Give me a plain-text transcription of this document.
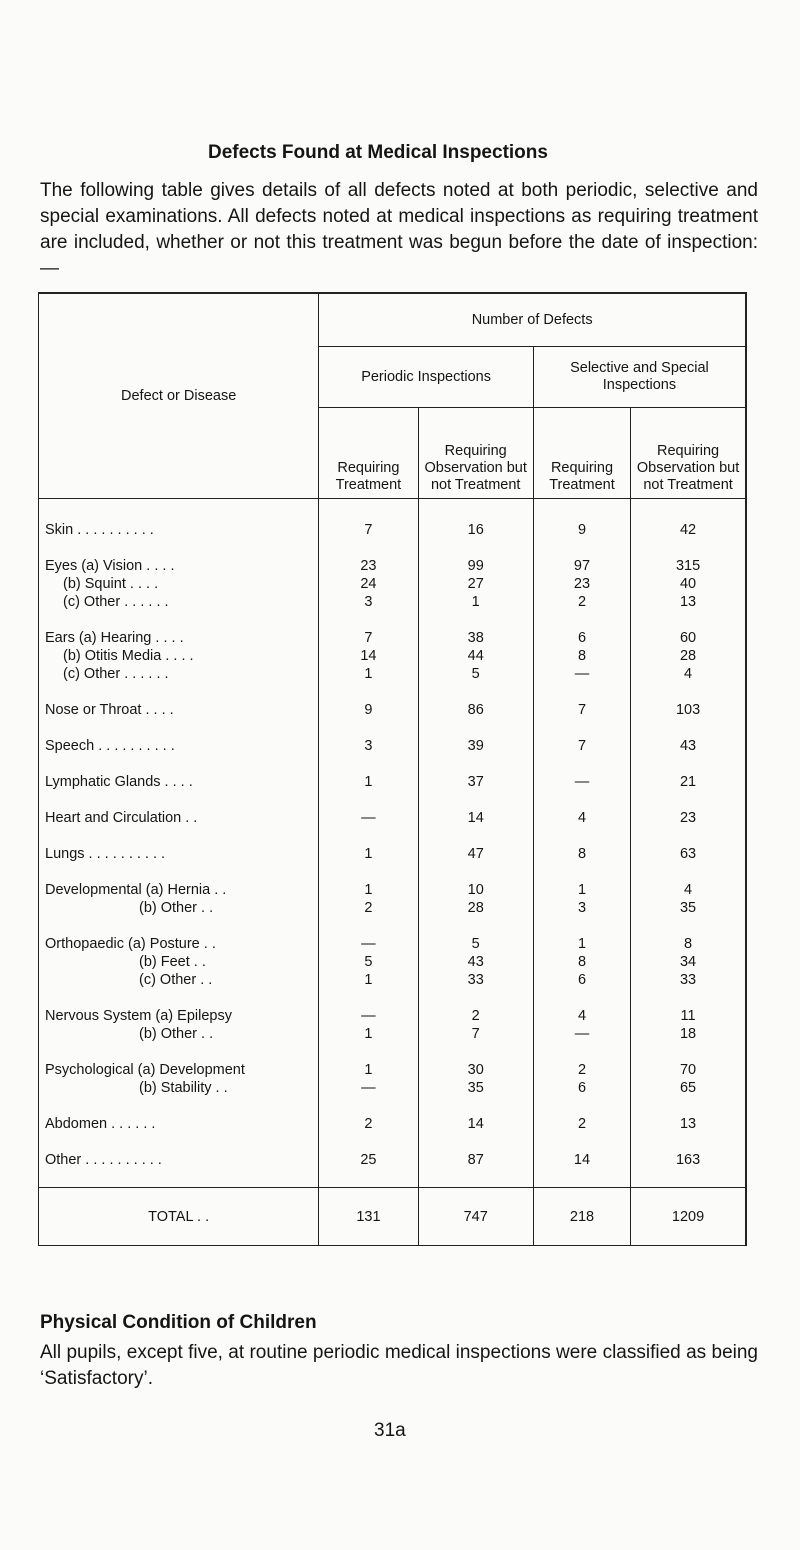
Defects Found at Medical Inspections

The following table gives details of all defects noted at both periodic, selective and special examinations. All defects noted at medical inspections as requiring treatment are included, whether or not this treatment was begun before the date of inspection:—

Defect or Disease	Number of Defects			
	Periodic Inspections		Selective and Special Inspections	
	Requiring Treatment	Requiring Observation but not Treatment	Requiring Treatment	Requiring Observation but not Treatment

Skin . . . . . . . . . .	7	16	9	42

Eyes (a) Vision . . . .	23	99	97	315
(b) Squint . . . .	24	27	23	40
(c) Other . . . . . .	3	1	2	13

Ears (a) Hearing . . . .	7	38	6	60
(b) Otitis Media . . . .	14	44	8	28
(c) Other . . . . . .	1	5	—	4

Nose or Throat . . . .	9	86	7	103

Speech . . . . . . . . . .	3	39	7	43

Lymphatic Glands . . . .	1	37	—	21

Heart and Circulation . .	—	14	4	23

Lungs . . . . . . . . . .	1	47	8	63

Developmental (a) Hernia . .	1	10	1	4
(b) Other . .	2	28	3	35

Orthopaedic (a) Posture . .	—	5	1	8
(b) Feet . .	5	43	8	34
(c) Other . .	1	33	6	33

Nervous System (a) Epilepsy	—	2	4	11
(b) Other . .	1	7	—	18

Psychological (a) Development	1	30	2	70
(b) Stability . .	—	35	6	65

Abdomen . . . . . .	2	14	2	13

Other . . . . . . . . . .	25	87	14	163

TOTAL . .	131	747	218	1209
Physical Condition of Children

All pupils, except five, at routine periodic medical inspections were classified as being ‘Satisfactory’.

31a
